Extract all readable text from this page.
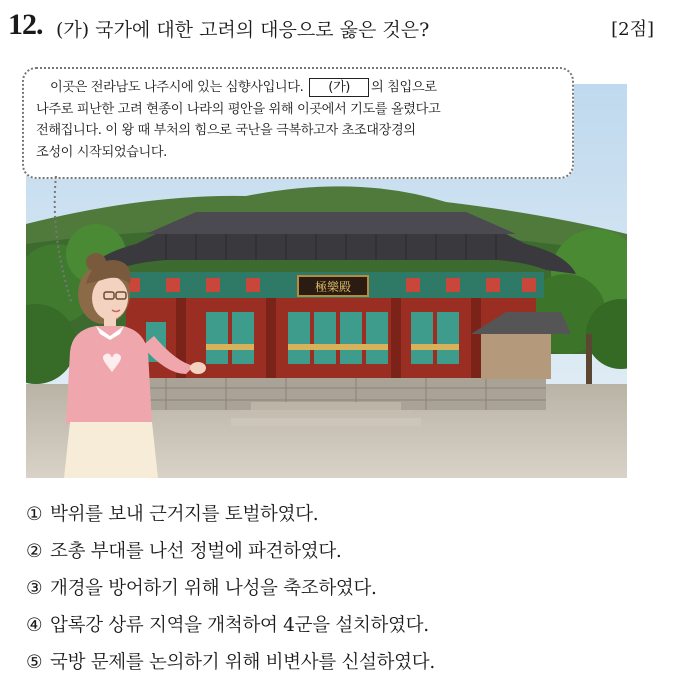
12. (가) 국가에 대한 고려의 대응으로 옳은 것은?	[2점]
極樂殿

이곳은 전라남도 나주시에 있는 심향사입니다. (가) 의 침입으로

나주로 피난한 고려 현종이 나라의 평안을 위해 이곳에서 기도를 올렸다고

전해집니다. 이 왕 때 부처의 힘으로 국난을 극복하고자 초조대장경의

조성이 시작되었습니다.

① 박위를 보내 근거지를 토벌하였다.
② 조총 부대를 나선 정벌에 파견하였다.
③ 개경을 방어하기 위해 나성을 축조하였다.
④ 압록강 상류 지역을 개척하여 4군을 설치하였다.
⑤ 국방 문제를 논의하기 위해 비변사를 신설하였다.
